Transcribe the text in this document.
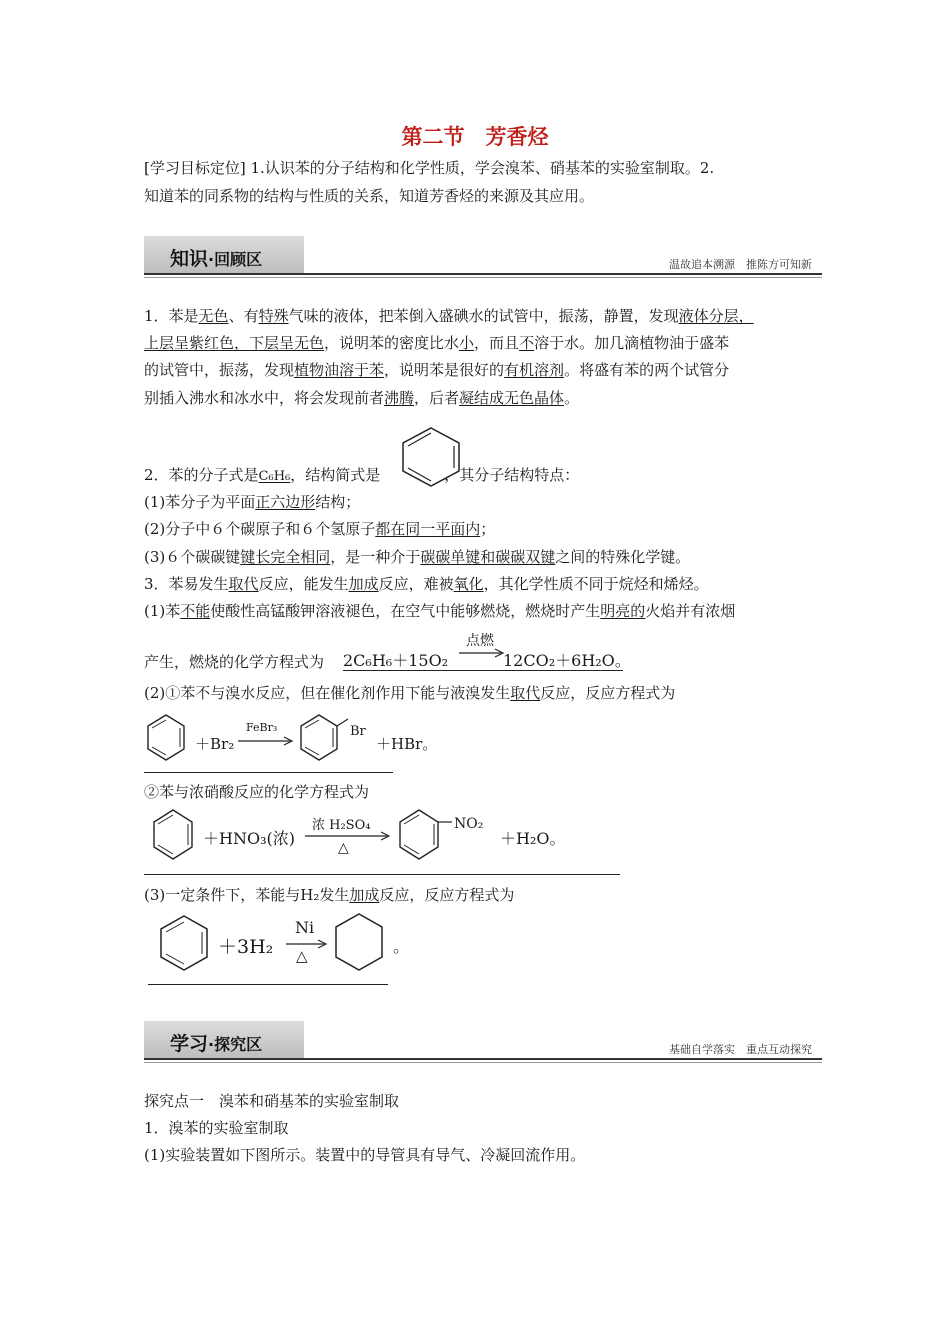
第二节　芳香烃
[学习目标定位] 1.认识苯的分子结构和化学性质，学会溴苯、硝基苯的实验室制取。2.
知道苯的同系物的结构与性质的关系，知道芳香烃的来源及其应用。
知识·回顾区	温故追本溯源　推陈方可知新
1．苯是无色、有特殊气味的液体，把苯倒入盛碘水的试管中，振荡，静置，发现液体分层，
上层呈紫红色，下层呈无色，说明苯的密度比水小，而且不溶于水。加几滴植物油于盛苯
的试管中，振荡，发现植物油溶于苯，说明苯是很好的有机溶剂。将盛有苯的两个试管分
别插入沸水和冰水中，将会发现前者沸腾，后者凝结成无色晶体。
2．苯的分子式是C₆H₆，结构简式是	，其分子结构特点：
(1)苯分子为平面正六边形结构；
(2)分子中６个碳原子和６个氢原子都在同一平面内；
(3)６个碳碳键键长完全相同，是一种介于碳碳单键和碳碳双键之间的特殊化学键。
3．苯易发生取代反应，能发生加成反应，难被氧化，其化学性质不同于烷烃和烯烃。
(1)苯不能使酸性高锰酸钾溶液褪色，在空气中能够燃烧，燃烧时产生明亮的火焰并有浓烟
产生，燃烧的化学方程式为 2C₆H₆＋15O₂
点燃
12CO₂＋6H₂O。
(2)①苯不与溴水反应，但在催化剂作用下能与液溴发生取代反应，反应方程式为
＋Br₂
FeBr₃	Br
＋HBr。
②苯与浓硝酸反应的化学方程式为
＋HNO₃(浓)
浓 H₂SO₄
△
NO₂
＋H₂O。
(3)一定条件下，苯能与H₂发生加成反应，反应方程式为
＋3H₂
Ni
△	。
学习·探究区	基础自学落实　重点互动探究
探究点一　溴苯和硝基苯的实验室制取
1．溴苯的实验室制取
(1)实验装置如下图所示。装置中的导管具有导气、冷凝回流作用。
